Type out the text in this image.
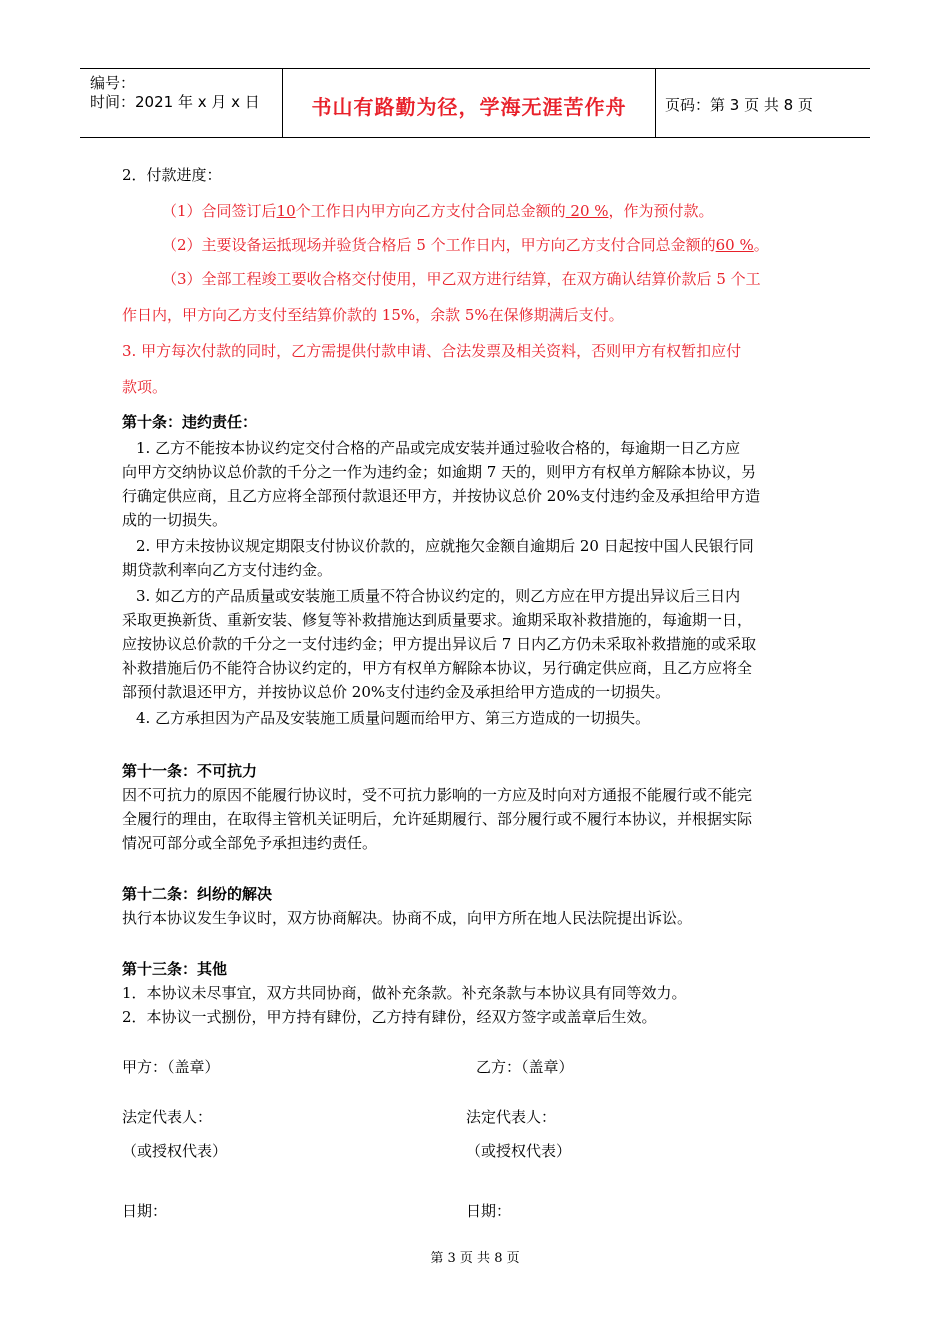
编号：
时间：2021 年 x 月 x 日	书山有路勤为径，学海无涯苦作舟	页码：第 3 页 共 8 页
2．付款进度：
（1）合同签订后10个工作日内甲方向乙方支付合同总金额的 20 %，作为预付款。
（2）主要设备运抵现场并验货合格后 5 个工作日内，甲方向乙方支付合同总金额的60 %。
（3）全部工程竣工要收合格交付使用，甲乙双方进行结算，在双方确认结算价款后 5 个工
作日内，甲方向乙方支付至结算价款的 15%，余款 5%在保修期满后支付。
3. 甲方每次付款的同时，乙方需提供付款申请、合法发票及相关资料，否则甲方有权暂扣应付
款项。
第十条：违约责任：
1. 乙方不能按本协议约定交付合格的产品或完成安装并通过验收合格的，每逾期一日乙方应
向甲方交纳协议总价款的千分之一作为违约金；如逾期 7 天的，则甲方有权单方解除本协议，另
行确定供应商，且乙方应将全部预付款退还甲方，并按协议总价 20%支付违约金及承担给甲方造
成的一切损失。
2. 甲方未按协议规定期限支付协议价款的，应就拖欠金额自逾期后 20 日起按中国人民银行同
期贷款利率向乙方支付违约金。
3. 如乙方的产品质量或安装施工质量不符合协议约定的，则乙方应在甲方提出异议后三日内
采取更换新货、重新安装、修复等补救措施达到质量要求。逾期采取补救措施的，每逾期一日，
应按协议总价款的千分之一支付违约金；甲方提出异议后 7 日内乙方仍未采取补救措施的或采取
补救措施后仍不能符合协议约定的，甲方有权单方解除本协议，另行确定供应商，且乙方应将全
部预付款退还甲方，并按协议总价 20%支付违约金及承担给甲方造成的一切损失。
4. 乙方承担因为产品及安装施工质量问题而给甲方、第三方造成的一切损失。
第十一条：不可抗力
因不可抗力的原因不能履行协议时，受不可抗力影响的一方应及时向对方通报不能履行或不能完
全履行的理由，在取得主管机关证明后，允许延期履行、部分履行或不履行本协议，并根据实际
情况可部分或全部免予承担违约责任。
第十二条：纠纷的解决
执行本协议发生争议时，双方协商解决。协商不成，向甲方所在地人民法院提出诉讼。
第十三条：其他
1．本协议未尽事宜，双方共同协商，做补充条款。补充条款与本协议具有同等效力。
2．本协议一式捌份，甲方持有肆份，乙方持有肆份，经双方签字或盖章后生效。
甲方：（盖章）	乙方：（盖章）
法定代表人：	法定代表人：
（或授权代表）	（或授权代表）
日期：	日期：
第 3 页 共 8 页
